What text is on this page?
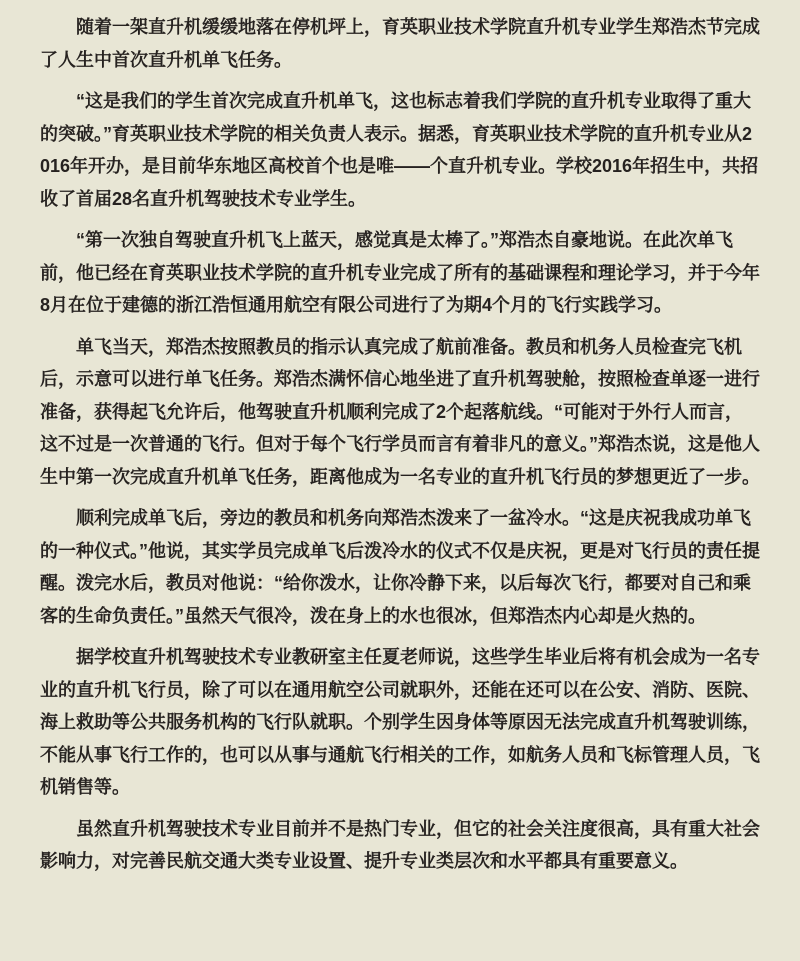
随着一架直升机缓缓地落在停机坪上，育英职业技术学院直升机专业学生郑浩杰节完成了人生中首次直升机单飞任务。

“这是我们的学生首次完成直升机单飞，这也标志着我们学院的直升机专业取得了重大的突破。”育英职业技术学院的相关负责人表示。据悉，育英职业技术学院的直升机专业从2016年开办，是目前华东地区高校首个也是唯——个直升机专业。学校2016年招生中，共招收了首届28名直升机驾驶技术专业学生。

“第一次独自驾驶直升机飞上蓝天，感觉真是太棒了。”郑浩杰自豪地说。在此次单飞前，他已经在育英职业技术学院的直升机专业完成了所有的基础课程和理论学习，并于今年8月在位于建德的浙江浩恒通用航空有限公司进行了为期4个月的飞行实践学习。

单飞当天，郑浩杰按照教员的指示认真完成了航前准备。教员和机务人员检查完飞机后，示意可以进行单飞任务。郑浩杰满怀信心地坐进了直升机驾驶舱，按照检查单逐一进行准备，获得起飞允许后，他驾驶直升机顺利完成了2个起落航线。“可能对于外行人而言，这不过是一次普通的飞行。但对于每个飞行学员而言有着非凡的意义。”郑浩杰说，这是他人生中第一次完成直升机单飞任务，距离他成为一名专业的直升机飞行员的梦想更近了一步。

顺利完成单飞后，旁边的教员和机务向郑浩杰泼来了一盆冷水。“这是庆祝我成功单飞的一种仪式。”他说，其实学员完成单飞后泼冷水的仪式不仅是庆祝，更是对飞行员的责任提醒。泼完水后，教员对他说：“给你泼水，让你冷静下来，以后每次飞行，都要对自己和乘客的生命负责任。”虽然天气很冷，泼在身上的水也很冰，但郑浩杰内心却是火热的。

据学校直升机驾驶技术专业教研室主任夏老师说，这些学生毕业后将有机会成为一名专业的直升机飞行员，除了可以在通用航空公司就职外，还能在还可以在公安、消防、医院、海上救助等公共服务机构的飞行队就职。个别学生因身体等原因无法完成直升机驾驶训练，不能从事飞行工作的，也可以从事与通航飞行相关的工作，如航务人员和飞标管理人员，飞机销售等。

虽然直升机驾驶技术专业目前并不是热门专业，但它的社会关注度很高，具有重大社会影响力，对完善民航交通大类专业设置、提升专业类层次和水平都具有重要意义。
